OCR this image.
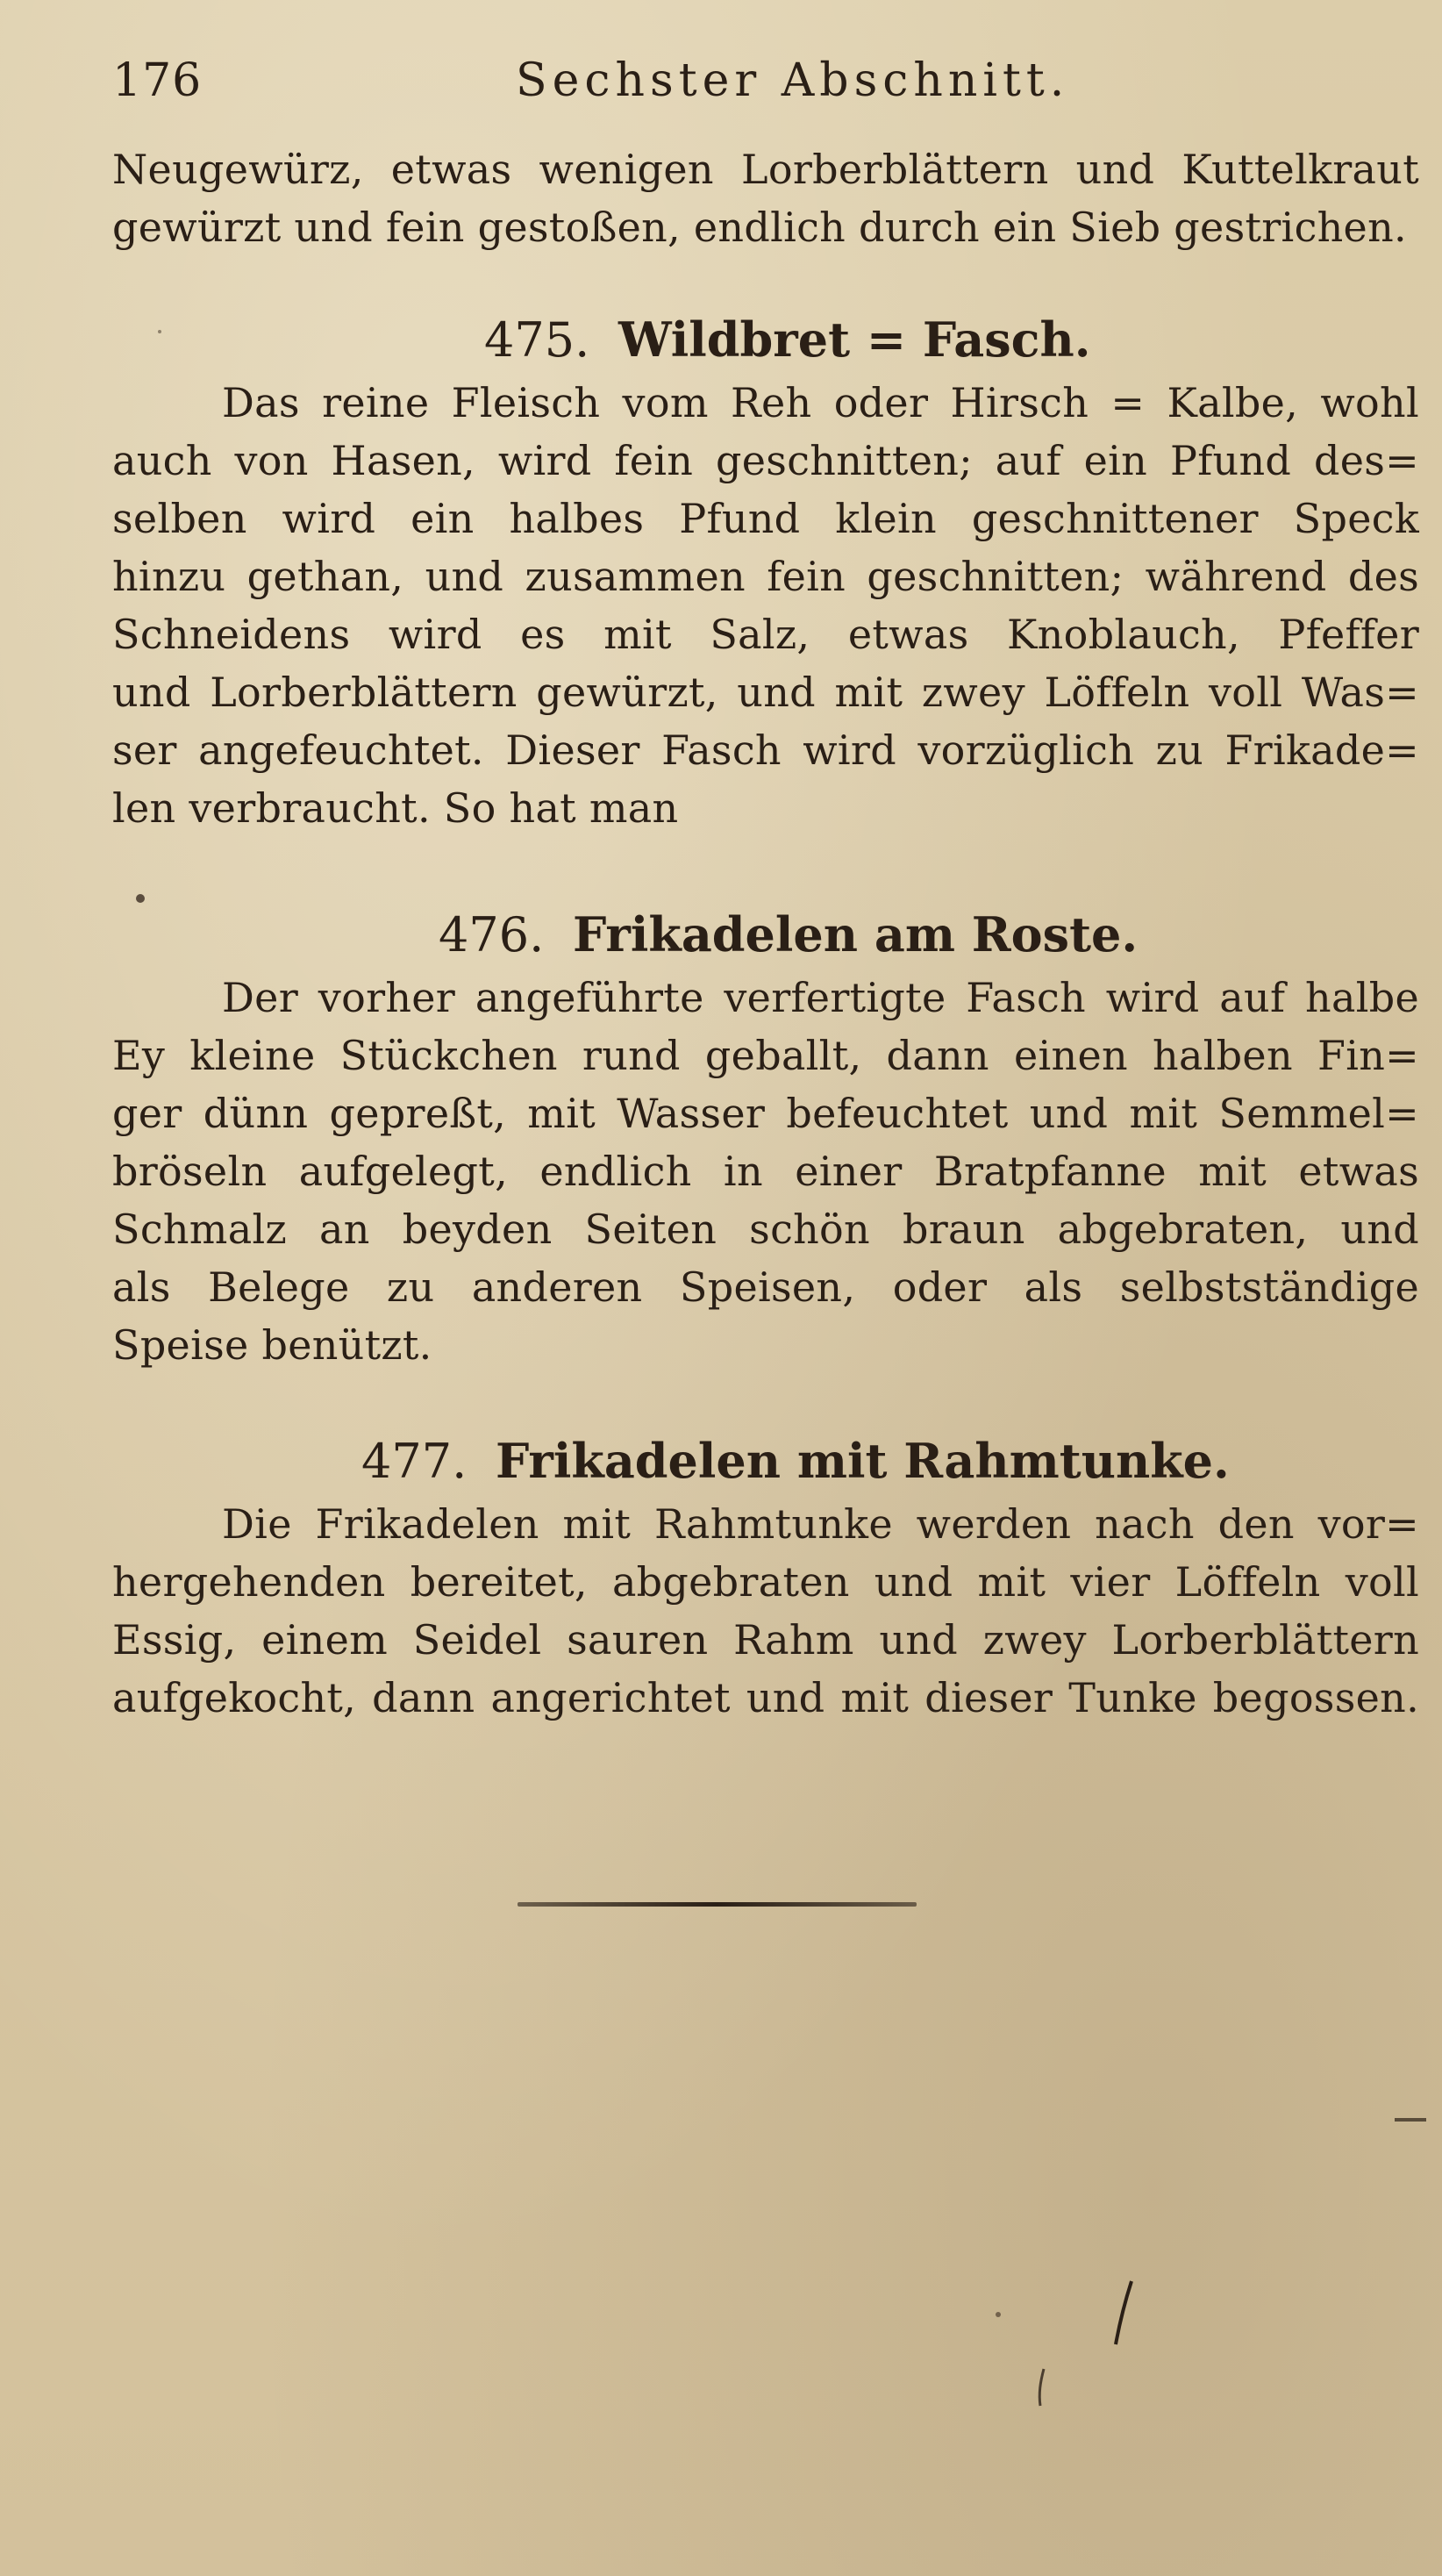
176	Sechster Abschnitt.
Neugewürz, etwas wenigen Lorberblättern und Kuttelkraut
gewürzt und fein gestoßen, endlich durch ein Sieb gestrichen.
475. Wildbret = Fasch.
Das reine Fleisch vom Reh oder Hirsch = Kalbe, wohl
auch von Hasen, wird fein geschnitten; auf ein Pfund des=
selben wird ein halbes Pfund klein geschnittener Speck
hinzu gethan, und zusammen fein geschnitten; während des
Schneidens wird es mit Salz, etwas Knoblauch, Pfeffer
und Lorberblättern gewürzt, und mit zwey Löffeln voll Was=
ser angefeuchtet. Dieser Fasch wird vorzüglich zu Frikade=
len verbraucht. So hat man
476. Frikadelen am Roste.
Der vorher angeführte verfertigte Fasch wird auf halbe
Ey kleine Stückchen rund geballt, dann einen halben Fin=
ger dünn gepreßt, mit Wasser befeuchtet und mit Semmel=
bröseln aufgelegt, endlich in einer Bratpfanne mit etwas
Schmalz an beyden Seiten schön braun abgebraten, und
als Belege zu anderen Speisen, oder als selbstständige
Speise benützt.
477. Frikadelen mit Rahmtunke.
Die Frikadelen mit Rahmtunke werden nach den vor=
hergehenden bereitet, abgebraten und mit vier Löffeln voll
Essig, einem Seidel sauren Rahm und zwey Lorberblättern
aufgekocht, dann angerichtet und mit dieser Tunke begossen.
